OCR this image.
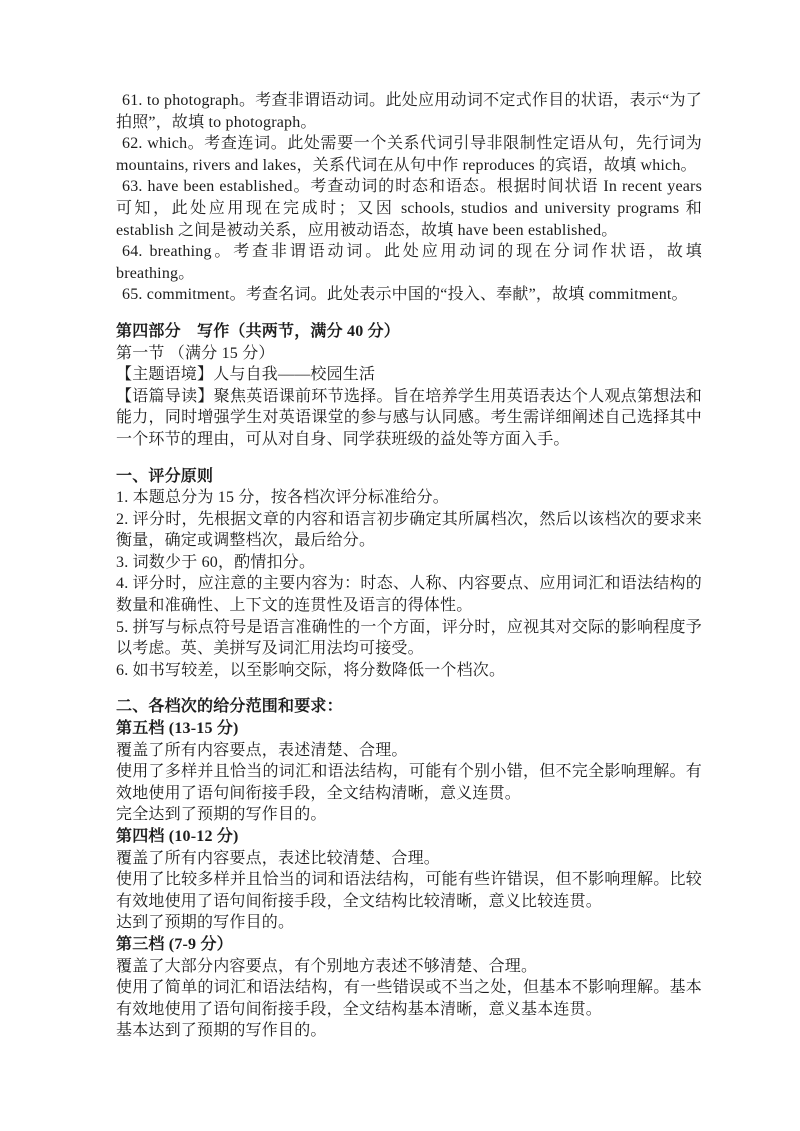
61. to photograph。考查非谓语动词。此处应用动词不定式作目的状语，表示“为了拍照”，故填 to photograph。

62. which。考查连词。此处需要一个关系代词引导非限制性定语从句，先行词为 mountains, rivers and lakes，关系代词在从句中作 reproduces 的宾语，故填 which。

63. have been established。考查动词的时态和语态。根据时间状语 In recent years 可知，此处应用现在完成时；又因 schools, studios and university programs 和 establish 之间是被动关系，应用被动语态，故填 have been established。

64. breathing。考查非谓语动词。此处应用动词的现在分词作状语，故填 breathing。

65. commitment。考查名词。此处表示中国的“投入、奉献”，故填 commitment。

第四部分　写作（共两节，满分 40 分）

第一节 （满分 15 分）

【主题语境】人与自我——校园生活

【语篇导读】聚焦英语课前环节选择。旨在培养学生用英语表达个人观点第想法和能力，同时增强学生对英语课堂的参与感与认同感。考生需详细阐述自己选择其中一个环节的理由，可从对自身、同学获班级的益处等方面入手。

一、评分原则

1. 本题总分为 15 分，按各档次评分标准给分。

2. 评分时，先根据文章的内容和语言初步确定其所属档次，然后以该档次的要求来衡量，确定或调整档次，最后给分。

3. 词数少于 60，酌情扣分。

4. 评分时，应注意的主要内容为：时态、人称、内容要点、应用词汇和语法结构的数量和准确性、上下文的连贯性及语言的得体性。

5. 拼写与标点符号是语言准确性的一个方面，评分时，应视其对交际的影响程度予以考虑。英、美拼写及词汇用法均可接受。

6. 如书写较差，以至影响交际，将分数降低一个档次。

二、各档次的给分范围和要求：

第五档 (13-15 分)

覆盖了所有内容要点，表述清楚、合理。

使用了多样并且恰当的词汇和语法结构，可能有个别小错，但不完全影响理解。有效地使用了语句间衔接手段，全文结构清晰，意义连贯。

完全达到了预期的写作目的。

第四档 (10-12 分)

覆盖了所有内容要点，表述比较清楚、合理。

使用了比较多样并且恰当的词和语法结构，可能有些许错误，但不影响理解。比较有效地使用了语句间衔接手段，全文结构比较清晰，意义比较连贯。

达到了预期的写作目的。

第三档 (7-9 分）

覆盖了大部分内容要点，有个别地方表述不够清楚、合理。

使用了简单的词汇和语法结构，有一些错误或不当之处，但基本不影响理解。基本有效地使用了语句间衔接手段，全文结构基本清晰，意义基本连贯。

基本达到了预期的写作目的。
